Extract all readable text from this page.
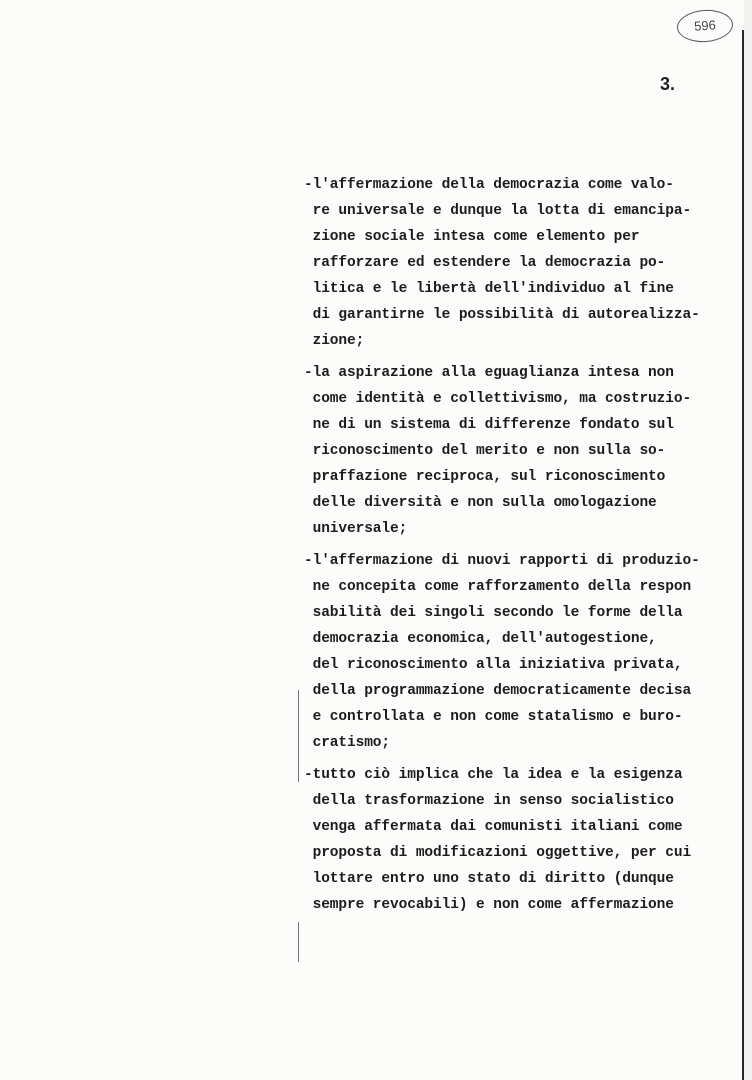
596
3.
-l'affermazione della democrazia come valo-
re universale e dunque la lotta di emancipa-
zione sociale intesa come elemento per
rafforzare ed estendere la democrazia po-
litica e le libertà dell'individuo al fine
di garantirne le possibilità di autorealizza-
zione;
-la aspirazione alla eguaglianza intesa non
come identità e collettivismo, ma costruzio-
ne di un sistema di differenze fondato sul
riconoscimento del merito e non sulla so-
praffazione reciproca, sul riconoscimento
delle diversità e non sulla omologazione
universale;
-l'affermazione di nuovi rapporti di produzio-
ne concepita come rafforzamento della respon
sabilità dei singoli secondo le forme della
democrazia economica, dell'autogestione,
del riconoscimento alla iniziativa privata,
della programmazione democraticamente decisa
e controllata e non come statalismo e buro-
cratismo;
-tutto ciò implica che la idea e la esigenza
della trasformazione in senso socialistico
venga affermata dai comunisti italiani come
proposta di modificazioni oggettive, per cui
lottare entro uno stato di diritto (dunque
sempre revocabili) e non come affermazione
